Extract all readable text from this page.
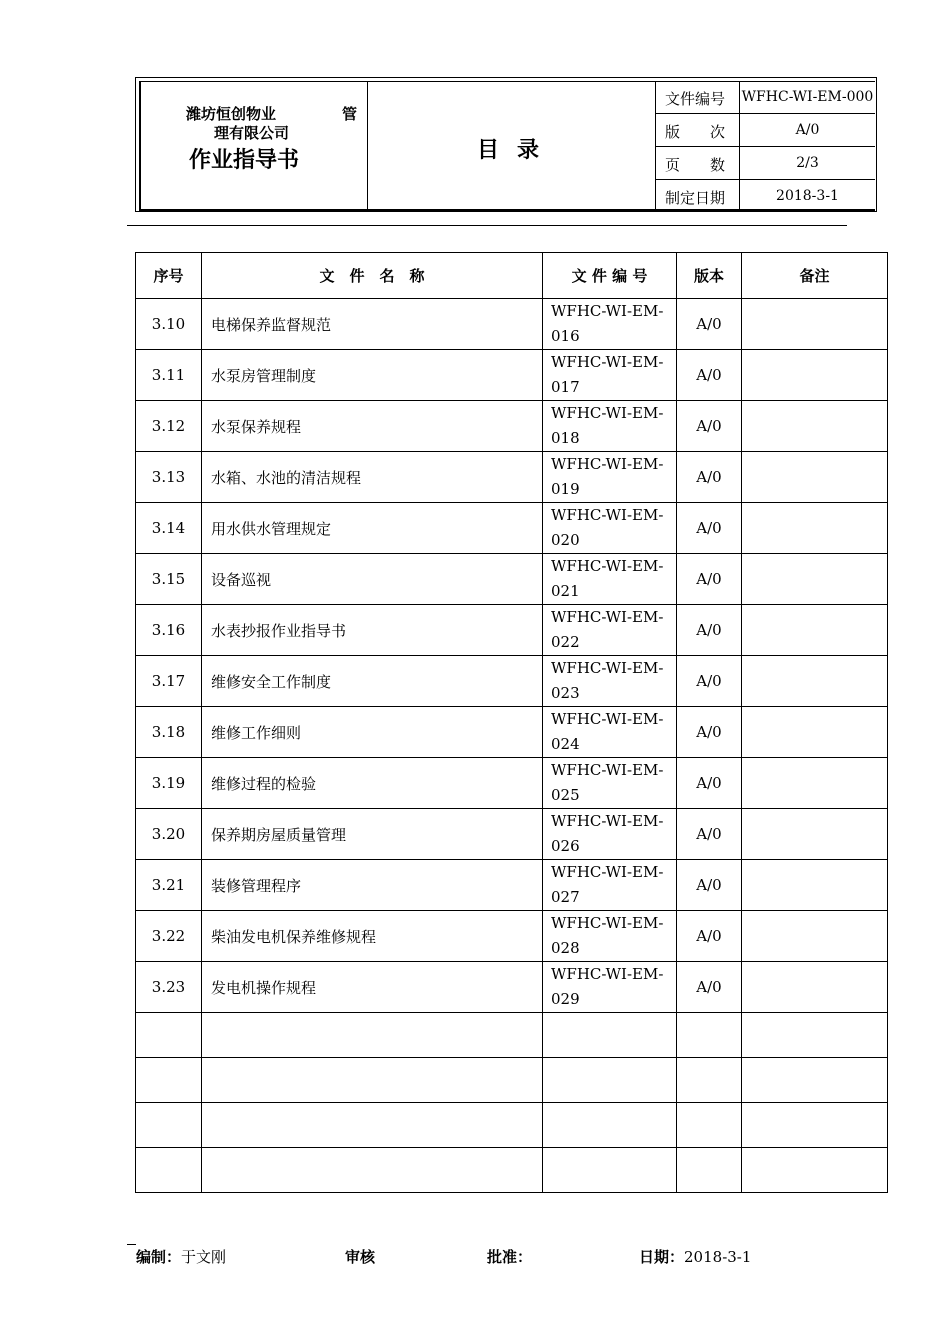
潍坊恒创物业	管
理有限公司
作业指导书	目录
文件编号 WFHC-WI-EM-000
版　　次	A/0
页　　数	2/3
制定日期	2018-3-1
序号	文　件　名　称	文 件 编 号	版本	备注
3.10	电梯保养监督规范	WFHC-WI-EM-016	A/0	
3.11	水泵房管理制度	WFHC-WI-EM-017	A/0	
3.12	水泵保养规程	WFHC-WI-EM-018	A/0	
3.13	水箱、水池的清洁规程	WFHC-WI-EM-019	A/0	
3.14	用水供水管理规定	WFHC-WI-EM-020	A/0	
3.15	设备巡视	WFHC-WI-EM-021	A/0	
3.16	水表抄报作业指导书	WFHC-WI-EM-022	A/0	
3.17	维修安全工作制度	WFHC-WI-EM-023	A/0	
3.18	维修工作细则	WFHC-WI-EM-024	A/0	
3.19	维修过程的检验	WFHC-WI-EM-025	A/0	
3.20	保养期房屋质量管理	WFHC-WI-EM-026	A/0	
3.21	装修管理程序	WFHC-WI-EM-027	A/0	
3.22	柴油发电机保养维修规程	WFHC-WI-EM-028	A/0	
3.23	发电机操作规程	WFHC-WI-EM-029	A/0	

编制：于文刚	审核	批准：	日期：2018-3-1
